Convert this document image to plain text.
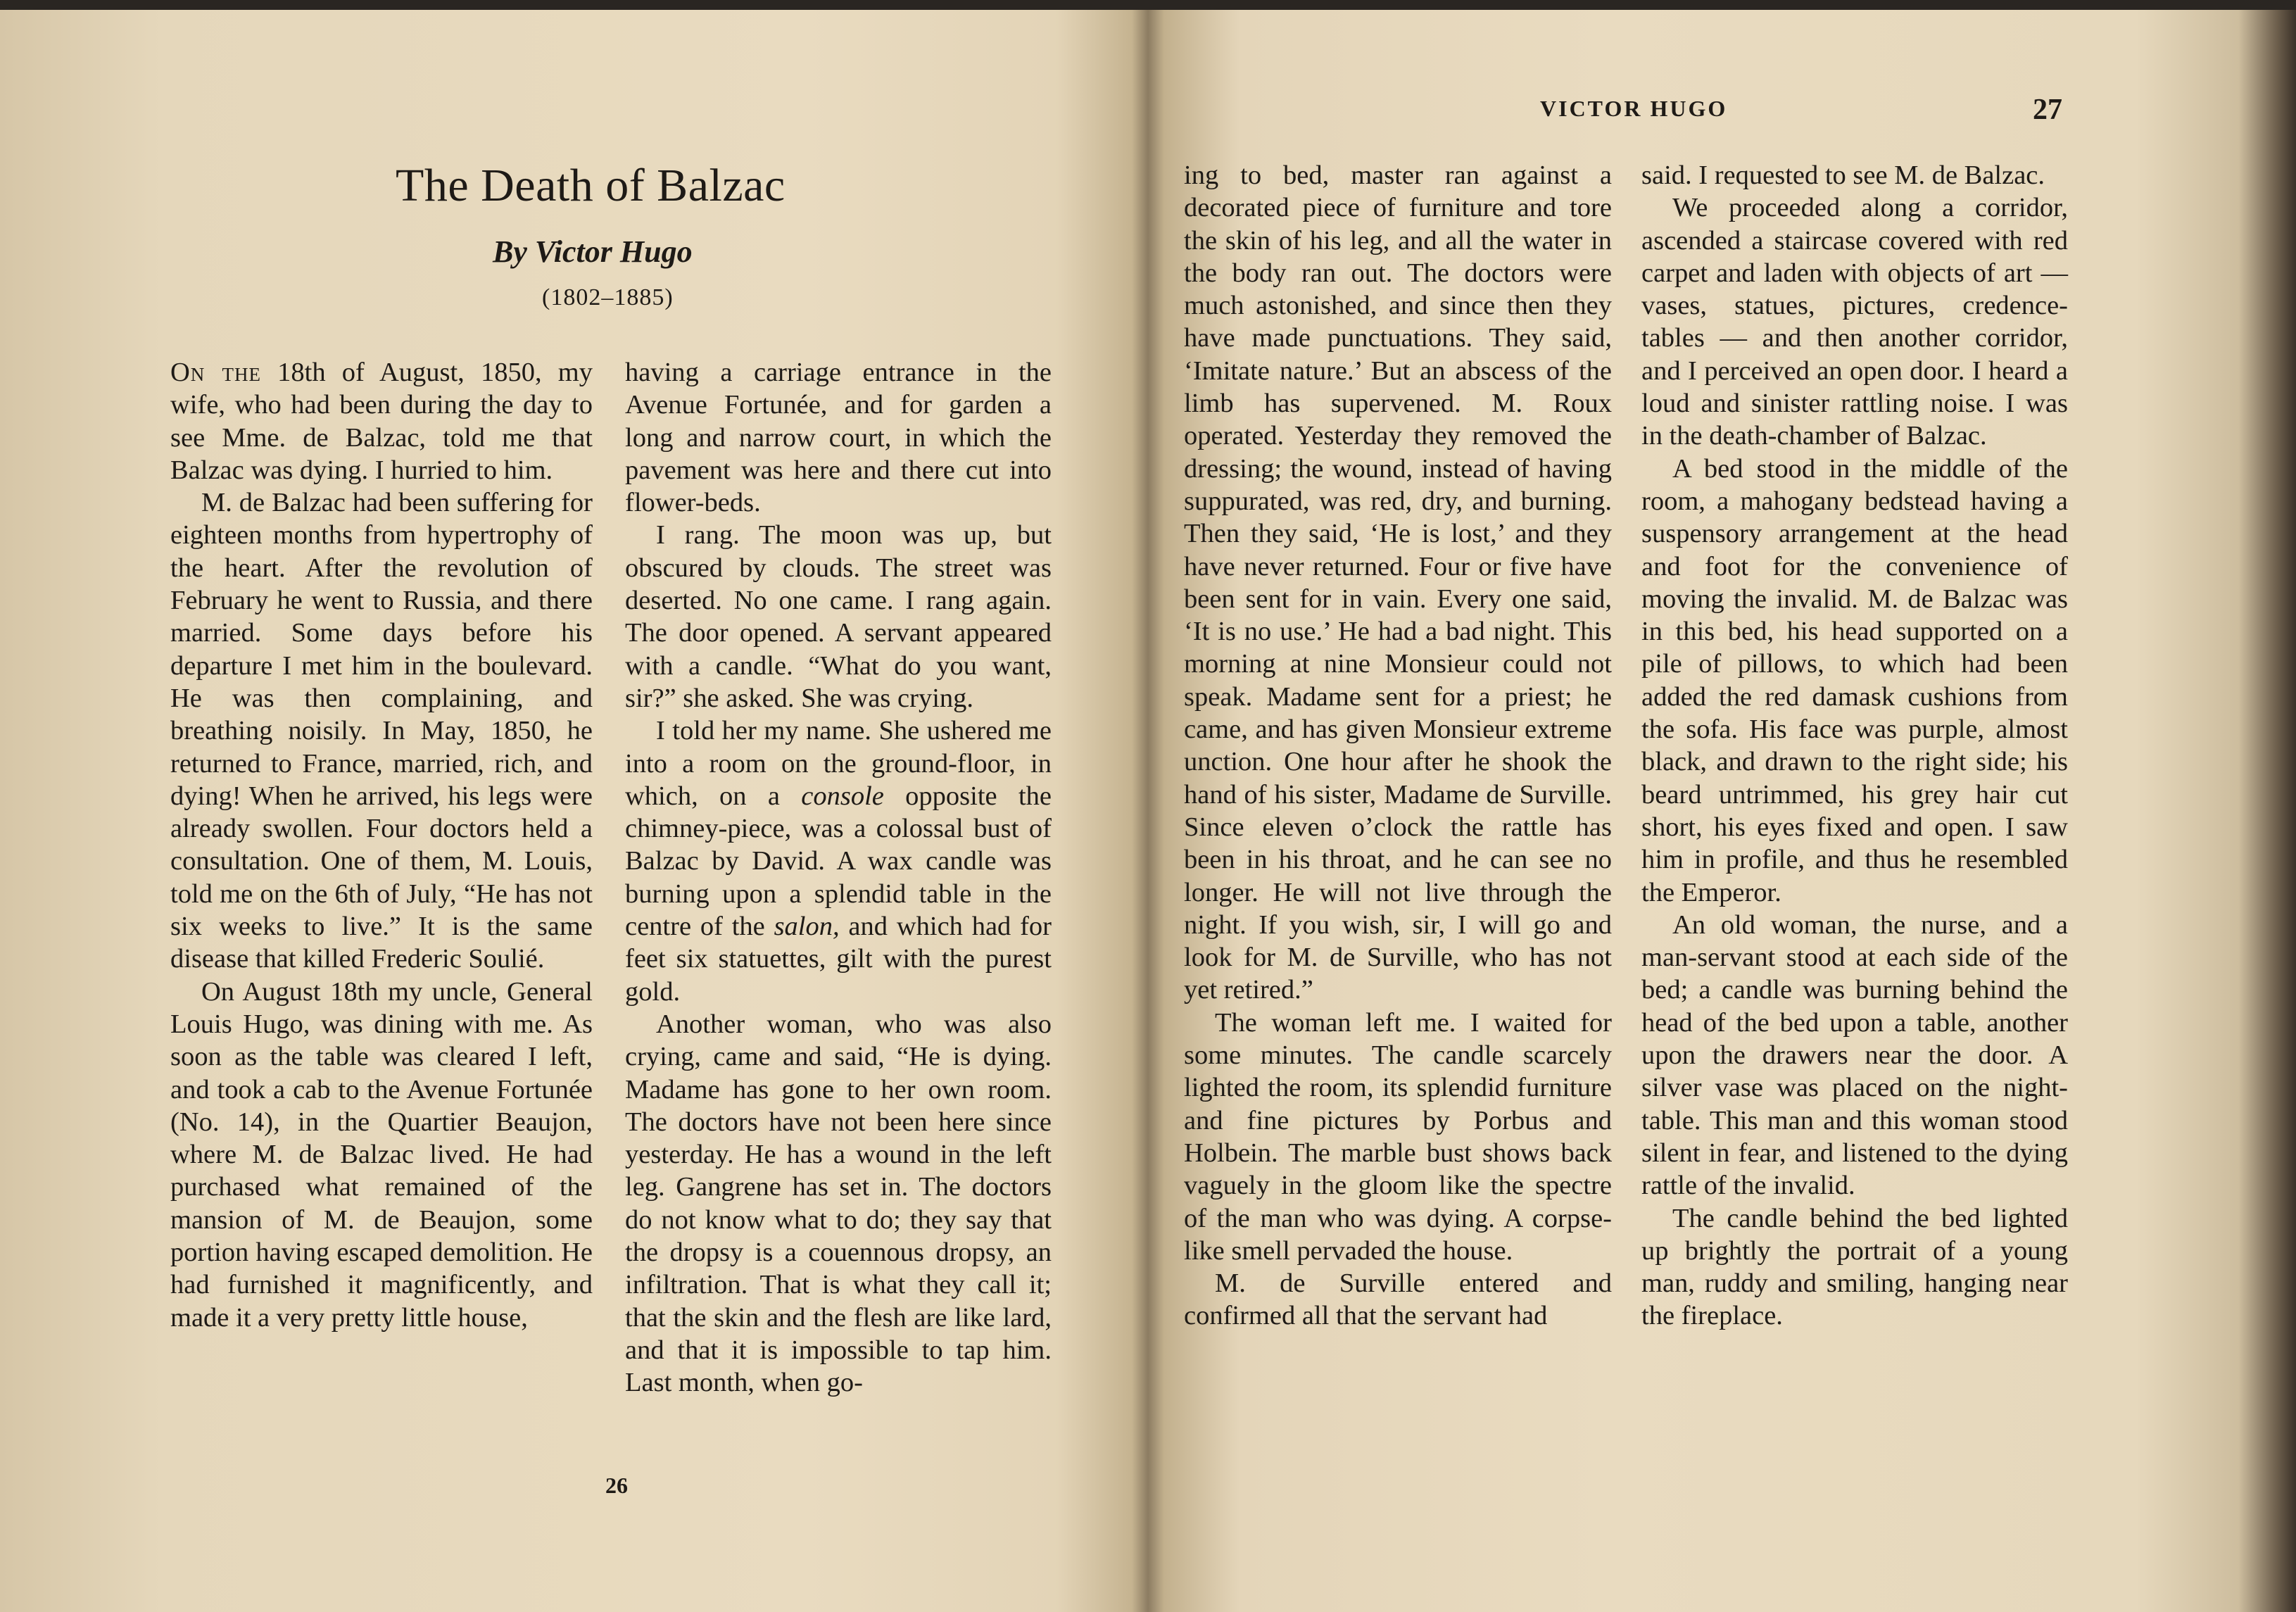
The Death of Balzac
By Victor Hugo
(1802–1885)

On the 18th of August, 1850, my wife, who had been during the day to see Mme. de Balzac, told me that Balzac was dying. I hurried to him.

M. de Balzac had been suffering for eighteen months from hypertrophy of the heart. After the revolution of February he went to Russia, and there married. Some days before his departure I met him in the boulevard. He was then complaining, and breathing noisily. In May, 1850, he returned to France, married, rich, and dying! When he arrived, his legs were already swollen. Four doctors held a consultation. One of them, M. Louis, told me on the 6th of July, “He has not six weeks to live.” It is the same disease that killed Frederic Soulié.

On August 18th my uncle, General Louis Hugo, was dining with me. As soon as the table was cleared I left, and took a cab to the Avenue Fortunée (No. 14), in the Quartier Beaujon, where M. de Balzac lived. He had purchased what remained of the mansion of M. de Beaujon, some portion having escaped demolition. He had furnished it magnificently, and made it a very pretty little house,

having a carriage entrance in the Avenue Fortunée, and for garden a long and narrow court, in which the pavement was here and there cut into flower-beds.

I rang. The moon was up, but obscured by clouds. The street was deserted. No one came. I rang again. The door opened. A servant appeared with a candle. “What do you want, sir?” she asked. She was crying.

I told her my name. She ushered me into a room on the ground-floor, in which, on a console opposite the chimney-piece, was a colossal bust of Balzac by David. A wax candle was burning upon a splendid table in the centre of the salon, and which had for feet six statuettes, gilt with the purest gold.

Another woman, who was also crying, came and said, “He is dying. Madame has gone to her own room. The doctors have not been here since yesterday. He has a wound in the left leg. Gangrene has set in. The doctors do not know what to do; they say that the dropsy is a couennous dropsy, an infiltration. That is what they call it; that the skin and the flesh are like lard, and that it is impossible to tap him. Last month, when go-

26
VICTOR HUGO	27

ing to bed, master ran against a decorated piece of furniture and tore the skin of his leg, and all the water in the body ran out. The doctors were much astonished, and since then they have made punctuations. They said, ‘Imitate nature.’ But an abscess of the limb has supervened. M. Roux operated. Yesterday they removed the dressing; the wound, instead of having suppurated, was red, dry, and burning. Then they said, ‘He is lost,’ and they have never returned. Four or five have been sent for in vain. Every one said, ‘It is no use.’ He had a bad night. This morning at nine Monsieur could not speak. Madame sent for a priest; he came, and has given Monsieur extreme unction. One hour after he shook the hand of his sister, Madame de Surville. Since eleven o’clock the rattle has been in his throat, and he can see no longer. He will not live through the night. If you wish, sir, I will go and look for M. de Surville, who has not yet retired.”

The woman left me. I waited for some minutes. The candle scarcely lighted the room, its splendid furniture and fine pictures by Porbus and Holbein. The marble bust shows back vaguely in the gloom like the spectre of the man who was dying. A corpse-like smell pervaded the house.

M. de Surville entered and confirmed all that the servant had

said. I requested to see M. de Balzac.

We proceeded along a corridor, ascended a staircase covered with red carpet and laden with objects of art — vases, statues, pictures, credence-tables — and then another corridor, and I perceived an open door. I heard a loud and sinister rattling noise. I was in the death-chamber of Balzac.

A bed stood in the middle of the room, a mahogany bedstead having a suspensory arrangement at the head and foot for the convenience of moving the invalid. M. de Balzac was in this bed, his head supported on a pile of pillows, to which had been added the red damask cushions from the sofa. His face was purple, almost black, and drawn to the right side; his beard untrimmed, his grey hair cut short, his eyes fixed and open. I saw him in profile, and thus he resembled the Emperor.

An old woman, the nurse, and a man-servant stood at each side of the bed; a candle was burning behind the head of the bed upon a table, another upon the drawers near the door. A silver vase was placed on the night-table. This man and this woman stood silent in fear, and listened to the dying rattle of the invalid.

The candle behind the bed lighted up brightly the portrait of a young man, ruddy and smiling, hanging near the fireplace.
